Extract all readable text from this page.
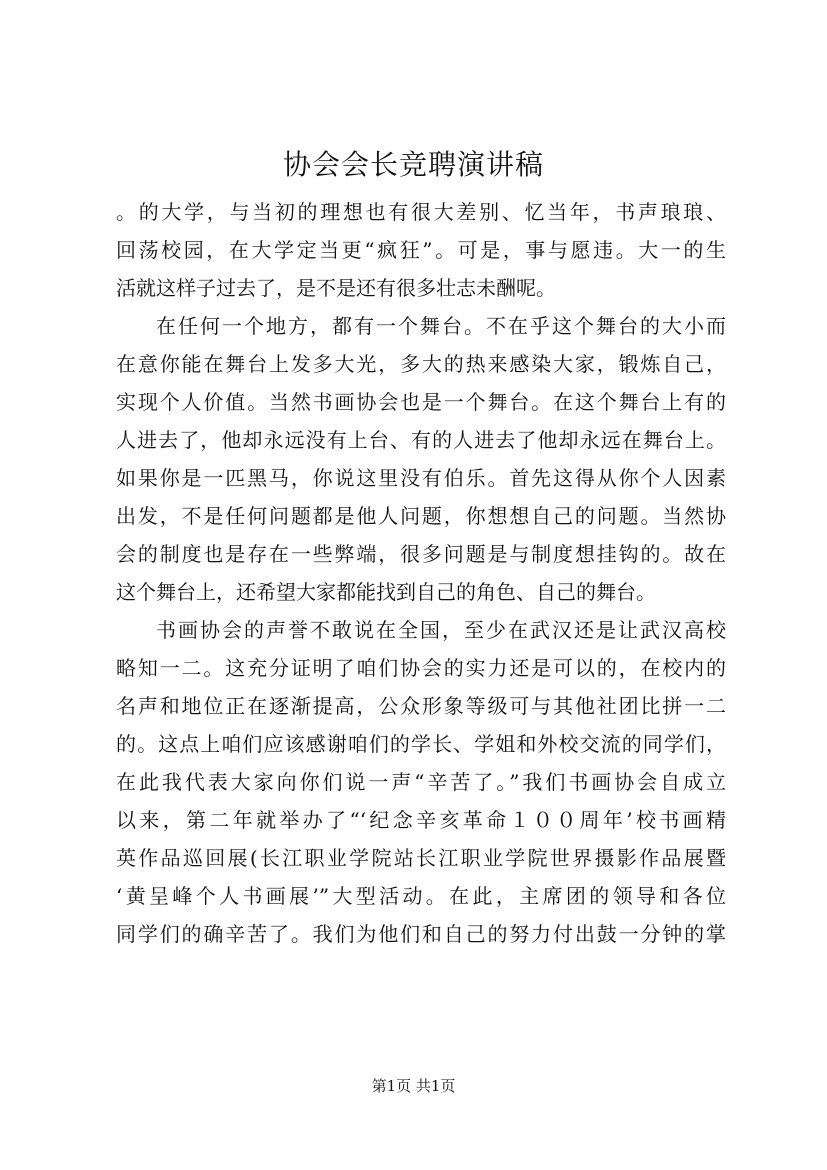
协会会长竞聘演讲稿
。的大学，与当初的理想也有很大差别、忆当年，书声琅琅、
回荡校园，在大学定当更“疯狂”。可是，事与愿违。大一的生
活就这样子过去了，是不是还有很多壮志未酬呢。
在任何一个地方，都有一个舞台。不在乎这个舞台的大小而
在意你能在舞台上发多大光，多大的热来感染大家，锻炼自己，
实现个人价值。当然书画协会也是一个舞台。在这个舞台上有的
人进去了，他却永远没有上台、有的人进去了他却永远在舞台上。
如果你是一匹黑马，你说这里没有伯乐。首先这得从你个人因素
出发，不是任何问题都是他人问题，你想想自己的问题。当然协
会的制度也是存在一些弊端，很多问题是与制度想挂钩的。故在
这个舞台上，还希望大家都能找到自己的角色、自己的舞台。
书画协会的声誉不敢说在全国，至少在武汉还是让武汉高校
略知一二。这充分证明了咱们协会的实力还是可以的，在校内的
名声和地位正在逐渐提高，公众形象等级可与其他社团比拼一二
的。这点上咱们应该感谢咱们的学长、学姐和外校交流的同学们，
在此我代表大家向你们说一声“辛苦了。”我们书画协会自成立
以来，第二年就举办了“‘纪念辛亥革命１００周年’校书画精
英作品巡回展(长江职业学院站长江职业学院世界摄影作品展暨
‘黄呈峰个人书画展’”大型活动。在此，主席团的领导和各位
同学们的确辛苦了。我们为他们和自己的努力付出鼓一分钟的掌
第1页 共1页
